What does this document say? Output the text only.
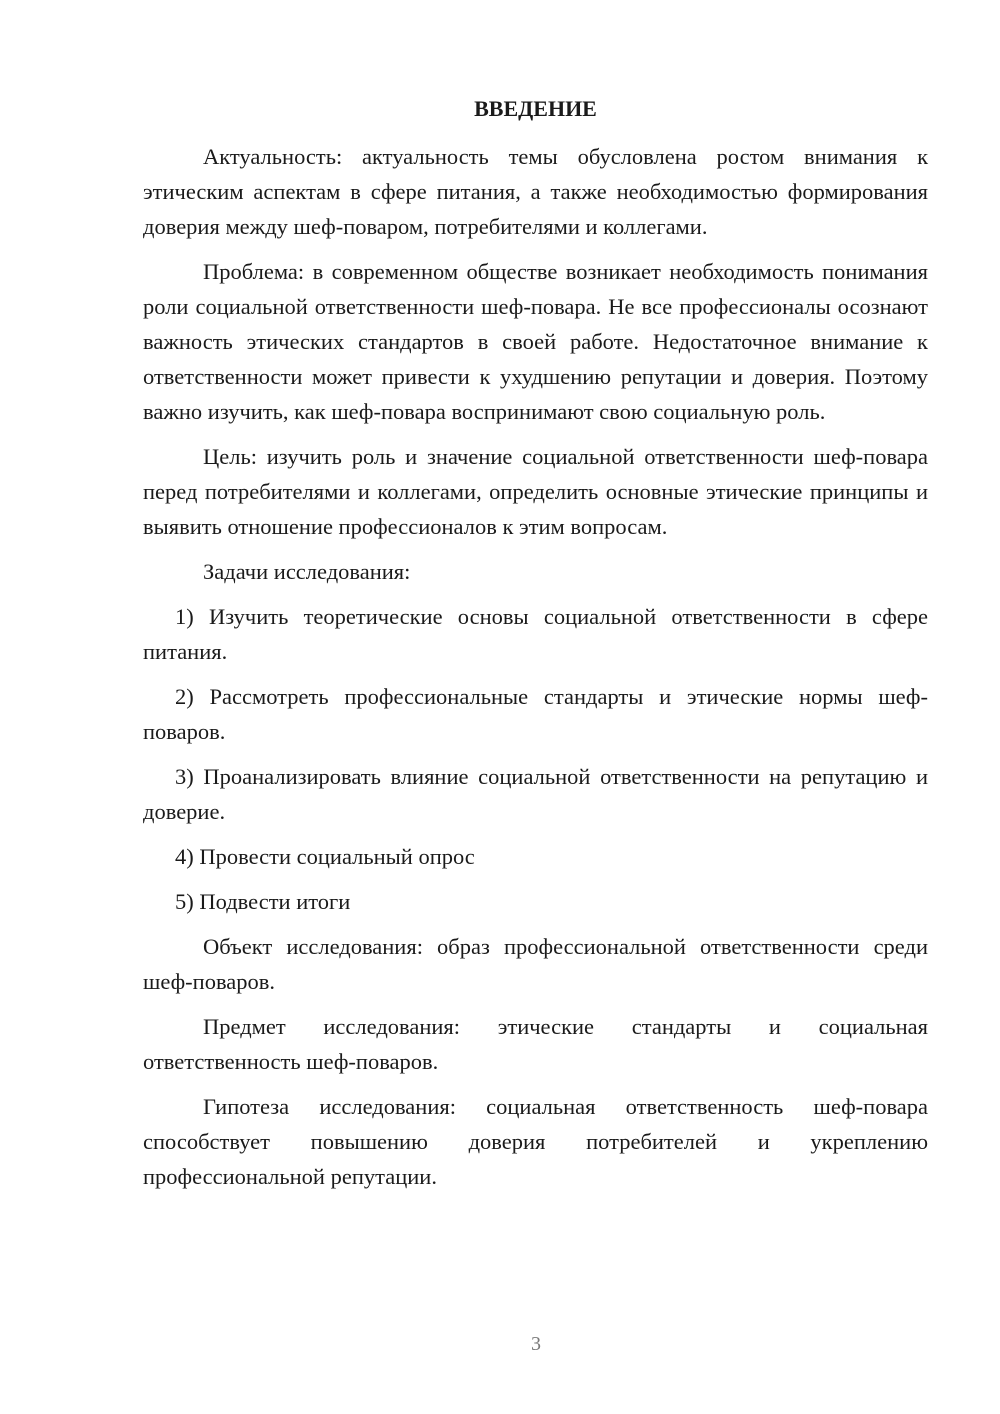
ВВЕДЕНИЕ

Актуальность: актуальность темы обусловлена ростом внимания к этическим аспектам в сфере питания, а также необходимостью формирования доверия между шеф-поваром, потребителями и коллегами.

Проблема: в современном обществе возникает необходимость понимания роли социальной ответственности шеф-повара. Не все профессионалы осознают важность этических стандартов в своей работе. Недостаточное внимание к ответственности может привести к ухудшению репутации и доверия. Поэтому важно изучить, как шеф-повара воспринимают свою социальную роль.

Цель: изучить роль и значение социальной ответственности шеф-повара перед потребителями и коллегами, определить основные этические принципы и выявить отношение профессионалов к этим вопросам.

Задачи исследования:

1) Изучить теоретические основы социальной ответственности в сфере питания.

2) Рассмотреть профессиональные стандарты и этические нормы шеф-поваров.

3) Проанализировать влияние социальной ответственности на репутацию и доверие.

4) Провести социальный опрос

5) Подвести итоги

Объект исследования: образ профессиональной ответственности среди шеф-поваров.

Предмет исследования: этические стандарты и социальная ответственность шеф-поваров.

Гипотеза исследования: социальная ответственность шеф-повара способствует повышению доверия потребителей и укреплению профессиональной репутации.

3
